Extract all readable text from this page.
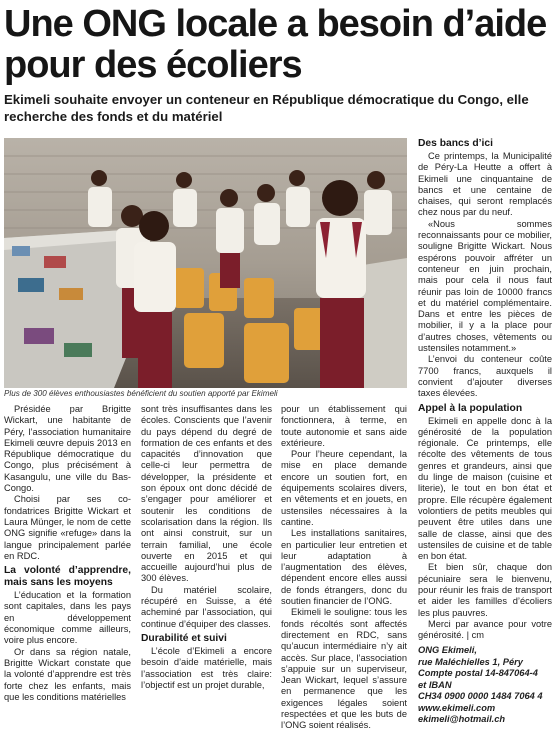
Une ONG locale a besoin d’aide pour des écoliers

Ekimeli souhaite envoyer un conteneur en République démocratique du Congo, elle recherche des fonds et du matériel

Plus de 300 élèves enthousiastes bénéficient du soutien apporté par Ekimeli

Présidée par Brigitte Wickart, une habitante de Péry, l’association humanitaire Ekimeli œuvre depuis 2013 en République démocratique du Congo, plus précisément à Kasangulu, une ville du Bas-Congo.

Choisi par ses co-fondatrices Brigitte Wickart et Laura Münger, le nom de cette ONG signifie «refuge» dans la langue principalement parlée en RDC.

La volonté d’apprendre, mais sans les moyens

L’éducation et la formation sont capitales, dans les pays en développement économique comme ailleurs, voire plus encore.

Or dans sa région natale, Brigitte Wickart constate que la volonté d’apprendre est très forte chez les enfants, mais que les conditions matérielles

sont très insuffisantes dans les écoles. Conscients que l’avenir du pays dépend du degré de formation de ces enfants et des capacités d’innovation que celle-ci leur permettra de développer, la présidente et son époux ont donc décidé de s’engager pour améliorer et soutenir les conditions de scolarisation dans la région. Ils ont ainsi construit, sur un terrain familial, une école ouverte en 2015 et qui accueille aujourd’hui plus de 300 élèves.

Du matériel scolaire, récupéré en Suisse, a été acheminé par l’association, qui continue d’équiper des classes.

Durabilité et suivi

L’école d’Ekimeli a encore besoin d’aide matérielle, mais l’association est très claire: l’objectif est un projet durable,

pour un établissement qui fonctionnera, à terme, en toute autonomie et sans aide extérieure.

Pour l’heure cependant, la mise en place demande encore un soutien fort, en équipements scolaires divers, en vêtements et en jouets, en ustensiles nécessaires à la cantine.

Les installations sanitaires, en particulier leur entretien et leur adaptation à l’augmentation des élèves, dépendent encore elles aussi de fonds étrangers, donc du soutien financier de l’ONG.

Ekimeli le souligne: tous les fonds récoltés sont affectés directement en RDC, sans qu’aucun intermédiaire n’y ait accès. Sur place, l’association s’appuie sur un superviseur, Jean Wickart, lequel s’assure en permanence que les exigences légales soient respectées et que les buts de l’ONG soient réalisés.

Des bancs d’ici

Ce printemps, la Municipalité de Péry-La Heutte a offert à Ekimeli une cinquantaine de bancs et une centaine de chaises, qui seront remplacés chez nous par du neuf.

«Nous sommes reconnaissants pour ce mobilier, souligne Brigitte Wickart. Nous espérons pouvoir affréter un conteneur en juin prochain, mais pour cela il nous faut réunir pas loin de 10000 francs et du matériel complémentaire. Dans et entre les pièces de mobilier, il y a la place pour d’autres choses, vêtements ou ustensiles notamment.»

L’envoi du conteneur coûte 7700 francs, auxquels il convient d’ajouter diverses taxes élevées.

Appel à la population

Ekimeli en appelle donc à la générosité de la population régionale. Ce printemps, elle récolte des vêtements de tous genres et grandeurs, ainsi que du linge de maison (cuisine et literie), le tout en bon état et propre. Elle récupère également volontiers de petits meubles qui peuvent être utiles dans une salle de classe, ainsi que des ustensiles de cuisine et de table en bon état.

Et bien sûr, chaque don pécuniaire sera le bienvenu, pour réunir les frais de transport et aider les familles d’écoliers les plus pauvres.

Merci par avance pour votre générosité. | cm

ONG Ekimeli,
rue Maléchielles 1, Péry
Compte postal 14-847064-4
et IBAN
CH34 0900 0000 1484 7064 4
www.ekimeli.com
ekimeli@hotmail.ch
